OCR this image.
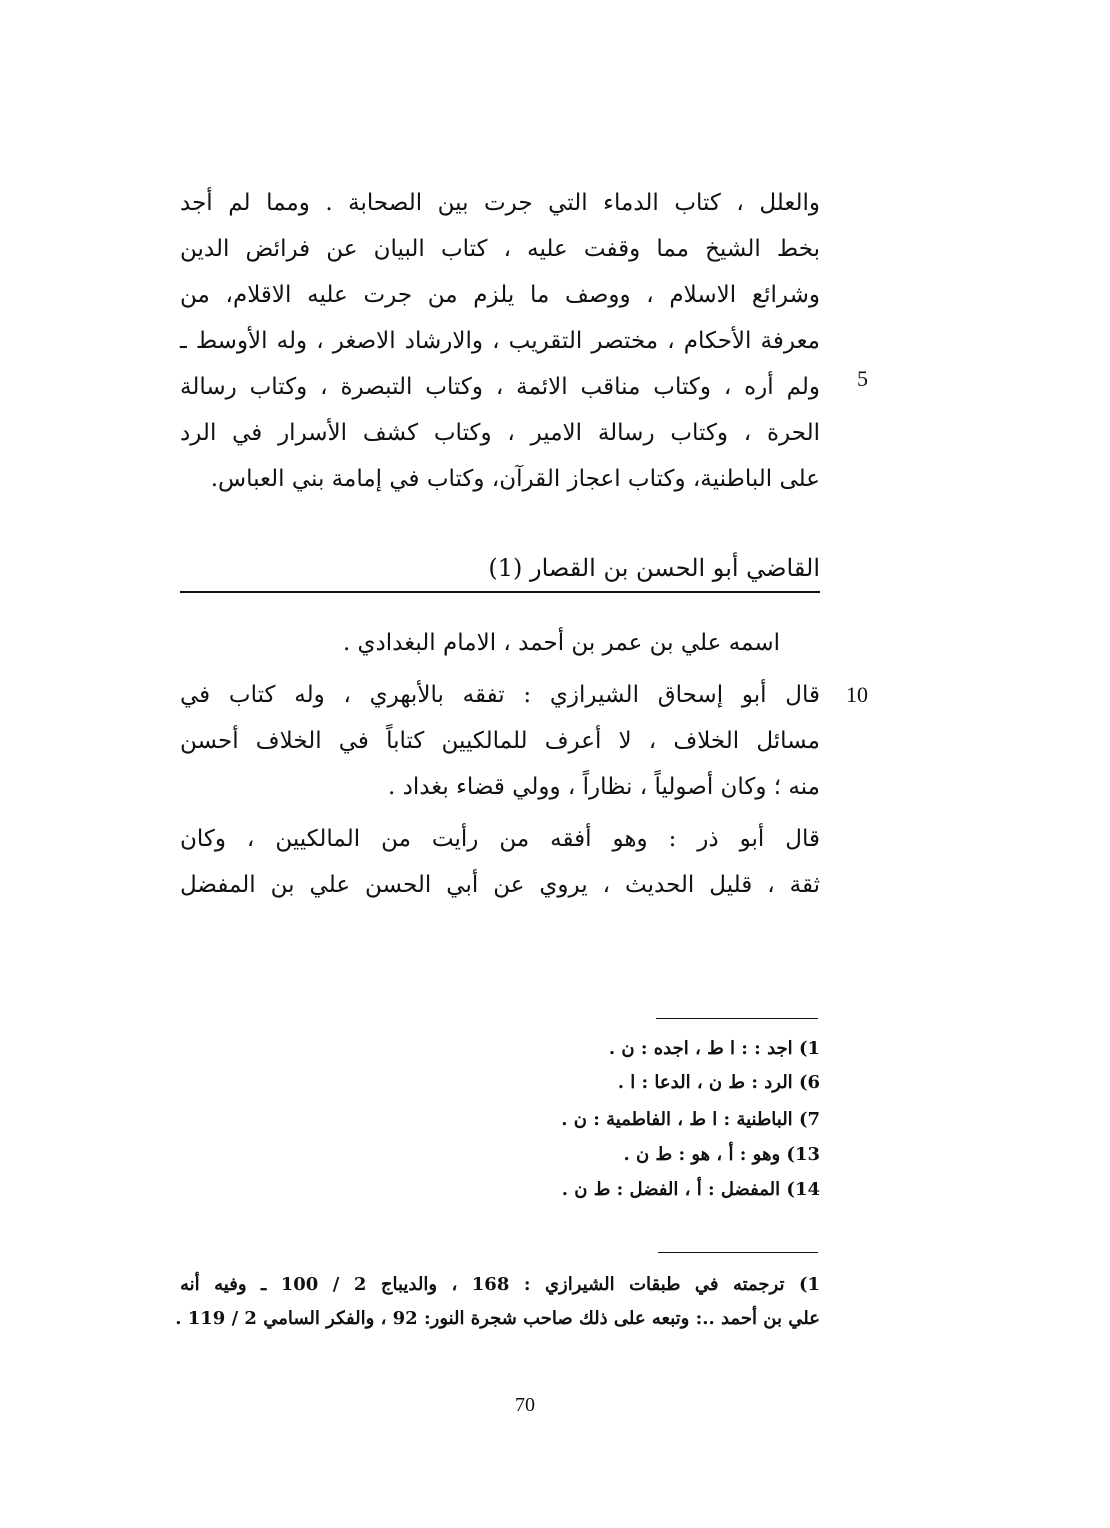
والعلل ، كتاب الدماء التي جرت بين الصحابة . ومما لم أجد
بخط الشيخ مما وقفت عليه ، كتاب البيان عن فرائض الدين
وشرائع الاسلام ، ووصف ما يلزم من جرت عليه الاقلام، من
معرفة الأحكام ، مختصر التقريب ، والارشاد الاصغر ، وله الأوسط ـ
ولم أره ، وكتاب مناقب الائمة ، وكتاب التبصرة ، وكتاب رسالة
الحرة ، وكتاب رسالة الامير ، وكتاب كشف الأسرار في الرد
على الباطنية، وكتاب اعجاز القرآن، وكتاب في إمامة بني العباس.
5
القاضي أبو الحسن بن القصار (1)
اسمه علي بن عمر بن أحمد ، الامام البغدادي .
قال أبو إسحاق الشيرازي : تفقه بالأبهري ، وله كتاب في
مسائل الخلاف ، لا أعرف للمالكيين كتاباً في الخلاف أحسن
منه ؛ وكان أصولياً ، نظاراً ، وولي قضاء بغداد .
قال أبو ذر : وهو أفقه من رأيت من المالكيين ، وكان
ثقة ، قليل الحديث ، يروي عن أبي الحسن علي بن المفضل
10
1) اجد : : ا ط ، اجده : ن .
6) الرد : ط ن ، الدعا : ا .
7) الباطنية : ا ط ، الفاطمية : ن .
13) وهو : أ ، هو : ط ن .
14) المفضل : أ ، الفضل : ط ن .
1) ترجمته في طبقات الشيرازي : 168 ، والديباج 2 / 100 ـ وفيه أنه
علي بن أحمد ..: وتبعه على ذلك صاحب شجرة النور: 92 ، والفكر السامي 2 / 119 .
70
